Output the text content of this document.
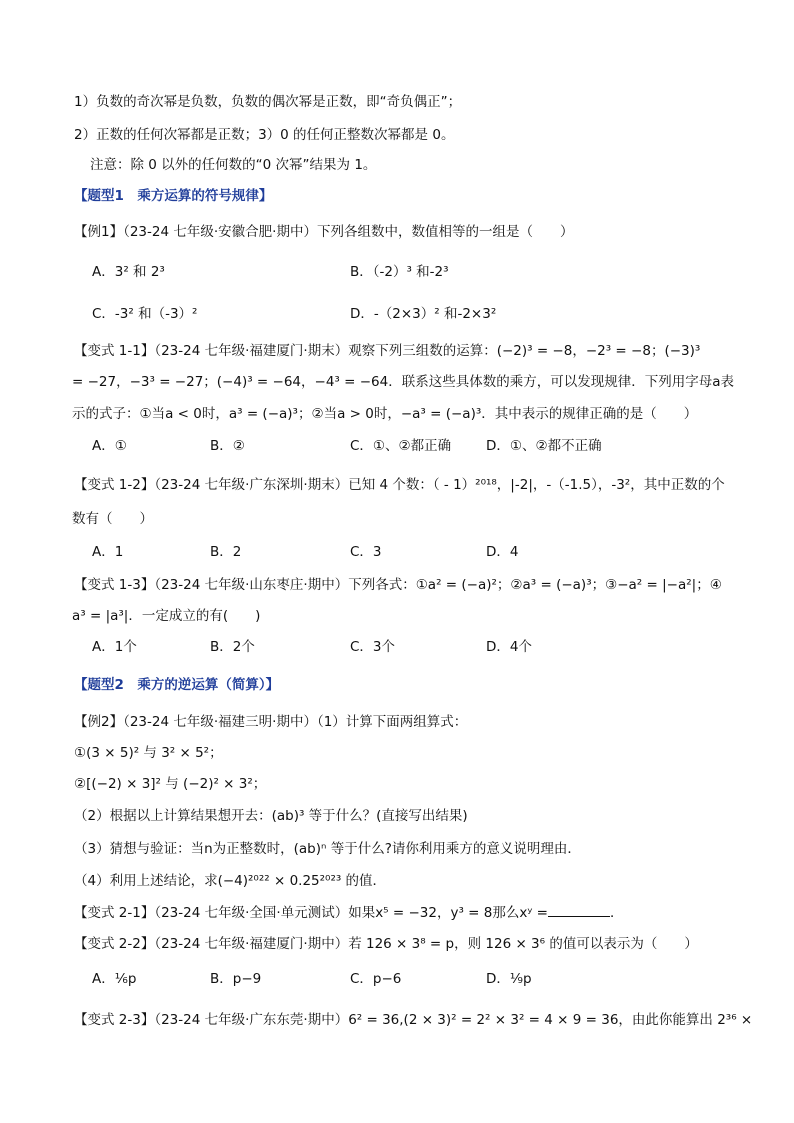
1）负数的奇次幂是负数，负数的偶次幂是正数，即“奇负偶正”；
2）正数的任何次幂都是正数；3）0 的任何正整数次幂都是 0。
注意：除 0 以外的任何数的“0 次幂”结果为 1。
【题型1　乘方运算的符号规律】
【例1】（23-24 七年级·安徽合肥·期中）下列各组数中，数值相等的一组是（　　）
A．3² 和 2³	B．（-2）³ 和-2³
C．-3² 和（-3）²	D．-（2×3）² 和-2×3²
【变式 1-1】（23-24 七年级·福建厦门·期末）观察下列三组数的运算：(−2)³ = −8，−2³ = −8；(−3)³
= −27，−3³ = −27；(−4)³ = −64，−4³ = −64．联系这些具体数的乘方，可以发现规律．下列用字母a表
示的式子：①当a < 0时，a³ = (−a)³；②当a > 0时，−a³ = (−a)³．其中表示的规律正确的是（　　）
A．①	B．②	C．①、②都正确	D．①、②都不正确
【变式 1-2】（23-24 七年级·广东深圳·期末）已知 4 个数：（ - 1）²⁰¹⁸，|-2|，-（-1.5），-3²，其中正数的个
数有（　　）
A．1	B．2	C．3	D．4
【变式 1-3】（23-24 七年级·山东枣庄·期中）下列各式：①a² = (−a)²；②a³ = (−a)³；③−a² = |−a²|；④
a³ = |a³|．一定成立的有(　　)
A．1个	B．2个	C．3个	D．4个
【题型2　乘方的逆运算（简算）】
【例2】（23-24 七年级·福建三明·期中）（1）计算下面两组算式：
①(3 × 5)² 与 3² × 5²；
②[(−2) × 3]² 与 (−2)² × 3²；
（2）根据以上计算结果想开去：(ab)³ 等于什么？(直接写出结果)
（3）猜想与验证：当n为正整数时，(ab)ⁿ 等于什么?请你利用乘方的意义说明理由．
（4）利用上述结论，求(−4)²⁰²² × 0.25²⁰²³ 的值．
【变式 2-1】（23-24 七年级·全国·单元测试）如果x⁵ = −32，y³ = 8那么xʸ =	．
【变式 2-2】（23-24 七年级·福建厦门·期中）若 126 × 3⁸ = p，则 126 × 3⁶ 的值可以表示为（　　）
A．¹⁄₆p	B．p−9	C．p−6	D．¹⁄₉p
【变式 2-3】（23-24 七年级·广东东莞·期中）6² = 36,(2 × 3)² = 2² × 3² = 4 × 9 = 36，由此你能算出 2³⁶ ×
